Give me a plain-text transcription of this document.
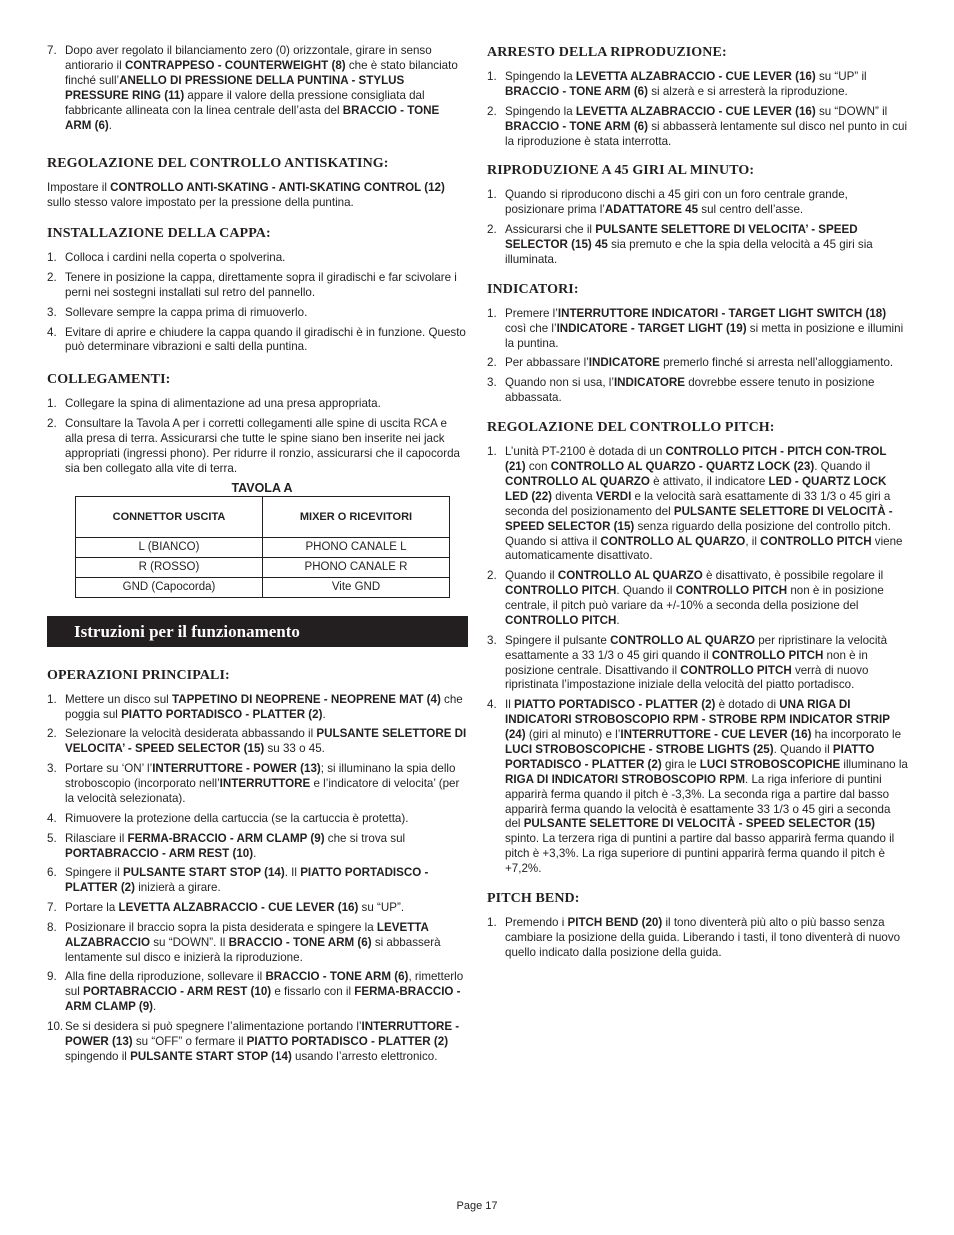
7. Dopo aver regolato il bilanciamento zero (0) orizzontale, girare in senso antiorario il CONTRAPPESO - COUNTERWEIGHT (8) che è stato bilanciato finché sull’ANELLO DI PRESSIONE DELLA PUNTINA - STYLUS PRESSURE RING (11) appare il valore della pressione consigliata dal fabbricante allineata con la linea centrale dell’asta del BRACCIO - TONE ARM (6).
REGOLAZIONE DEL CONTROLLO ANTISKATING:

Impostare il CONTROLLO ANTI-SKATING - ANTI-SKATING CONTROL (12) sullo stesso valore impostato per la pressione della puntina.

INSTALLAZIONE DELLA CAPPA:
1. Colloca i cardini nella coperta o spolverina.
2. Tenere in posizione la cappa, direttamente sopra il giradischi e far scivolare i perni nei sostegni installati sul retro del pannello.
3. Sollevare sempre la cappa prima di rimuoverlo.
4. Evitare di aprire e chiudere la cappa quando il giradischi è in funzione. Questo può determinare vibrazioni e salti della puntina.
COLLEGAMENTI:
1. Collegare la spina di alimentazione ad una presa appropriata.
2. Consultare la Tavola A per i corretti collegamenti alle spine di uscita RCA e alla presa di terra. Assicurarsi che tutte le spine siano ben inserite nei jack appropriati (ingressi phono). Per ridurre il ronzio, assicurarsi che il capocorda sia ben collegato alla vite di terra.
TAVOLA A
CONNETTOR USCITA	MIXER O RICEVITORI
L (BIANCO)	PHONO CANALE L
R (ROSSO)	PHONO CANALE R
GND (Capocorda)	Vite GND
Istruzioni per il funzionamento
OPERAZIONI PRINCIPALI:
1. Mettere un disco sul TAPPETINO DI NEOPRENE - NEOPRENE MAT (4) che poggia sul PIATTO PORTADISCO - PLATTER (2).
2. Selezionare la velocità desiderata abbassando il PULSANTE SELETTORE DI VELOCITA’ - SPEED SELECTOR (15) su 33 o 45.
3. Portare su ‘ON’ l’INTERRUTTORE - POWER (13); si illuminano la spia dello stroboscopio (incorporato nell’INTERRUTTORE e l’indicatore di velocita’ (per la velocità selezionata).
4. Rimuovere la protezione della cartuccia (se la cartuccia è protetta).
5. Rilasciare il FERMA-BRACCIO - ARM CLAMP (9) che si trova sul PORTABRACCIO - ARM REST (10).
6. Spingere il PULSANTE START STOP (14). Il PIATTO PORTADISCO - PLATTER (2) inizierà a girare.
7. Portare la LEVETTA ALZABRACCIO - CUE LEVER (16) su “UP”.
8. Posizionare il braccio sopra la pista desiderata e spingere la LEVETTA ALZABRACCIO su “DOWN”. Il BRACCIO - TONE ARM (6) si abbasserà lentamente sul disco e inizierà la riproduzione.
9. Alla fine della riproduzione, sollevare il BRACCIO - TONE ARM (6), rimetterlo sul PORTABRACCIO - ARM REST (10) e fissarlo con il FERMA-BRACCIO - ARM CLAMP (9).
10. Se si desidera si può spegnere l’alimentazione portando l’INTERRUTTORE - POWER (13) su “OFF” o fermare il PIATTO PORTADISCO - PLATTER (2) spingendo il PULSANTE START STOP (14) usando l’arresto elettronico.
ARRESTO DELLA RIPRODUZIONE:
1. Spingendo la LEVETTA ALZABRACCIO - CUE LEVER (16) su “UP” il BRACCIO - TONE ARM (6) si alzerà e si arresterà la riproduzione.
2. Spingendo la LEVETTA ALZABRACCIO - CUE LEVER (16) su “DOWN” il BRACCIO - TONE ARM (6) si abbasserà lentamente sul disco nel punto in cui la riproduzione è stata interrotta.
RIPRODUZIONE A 45 GIRI AL MINUTO:
1. Quando si riproducono dischi a 45 giri con un foro centrale grande, posizionare prima l’ADATTATORE 45 sul centro dell’asse.
2. Assicurarsi che il PULSANTE SELETTORE DI VELOCITA’ - SPEED SELECTOR (15) 45 sia premuto e che la spia della velocità a 45 giri sia illuminata.
INDICATORI:
1. Premere l’INTERRUTTORE INDICATORI - TARGET LIGHT SWITCH (18) così che l’INDICATORE - TARGET LIGHT (19) si metta in posizione e illumini la puntina.
2. Per abbassare l’INDICATORE premerlo finché si arresta nell’alloggiamento.
3. Quando non si usa, l’INDICATORE dovrebbe essere tenuto in posizione abbassata.
REGOLAZIONE DEL CONTROLLO PITCH:
1. L’unità PT-2100 è dotada di un CONTROLLO PITCH - PITCH CON-TROL (21) con CONTROLLO AL QUARZO - QUARTZ LOCK (23). Quando il CONTROLLO AL QUARZO è attivato, il indicatore LED - QUARTZ LOCK LED (22) diventa VERDI e la velocità sarà esattamente di 33 1/3 o 45 giri a seconda del posizionamento del PULSANTE SELETTORE DI VELOCITÀ - SPEED SELECTOR (15) senza riguardo della posizione del controllo pitch. Quando si attiva il CONTROLLO AL QUARZO, il CONTROLLO PITCH viene automaticamente disattivato.
2. Quando il CONTROLLO AL QUARZO è disattivato, è possibile regolare il CONTROLLO PITCH. Quando il CONTROLLO PITCH non è in posizione centrale, il pitch può variare da +/-10% a seconda della posizione del CONTROLLO PITCH.
3. Spingere il pulsante CONTROLLO AL QUARZO per ripristinare la velocità esattamente a 33 1/3 o 45 giri quando il CONTROLLO PITCH non è in posizione centrale. Disattivando il CONTROLLO PITCH verrà di nuovo ripristinata l’impostazione iniziale della velocità del piatto portadisco.
4. Il PIATTO PORTADISCO - PLATTER (2) è dotado di UNA RIGA DI INDICATORI STROBOSCOPIO RPM - STROBE RPM INDICATOR STRIP (24) (giri al minuto) e l’INTERRUTTORE - CUE LEVER (16) ha incorporato le LUCI STROBOSCOPICHE - STROBE LIGHTS (25). Quando il PIATTO PORTADISCO - PLATTER (2) gira le LUCI STROBOSCOPICHE illuminano la RIGA DI INDICATORI STROBOSCOPIO RPM. La riga inferiore di puntini apparirà ferma quando il pitch è -3,3%. La seconda riga a partire dal basso apparirà ferma quando la velocità è esattamente 33 1/3 o 45 giri a seconda del PULSANTE SELETTORE DI VELOCITÀ - SPEED SELECTOR (15) spinto. La terzera riga di puntini a partire dal basso apparirà ferma quando il pitch è +3,3%. La riga superiore di puntini apparirà ferma quando il pitch è +7,2%.
PITCH BEND:
1. Premendo i PITCH BEND (20) il tono diventerà più alto o più basso senza cambiare la posizione della guida. Liberando i tasti, il tono diventerà di nuovo quello indicato dalla posizione della guida.
Page 17
